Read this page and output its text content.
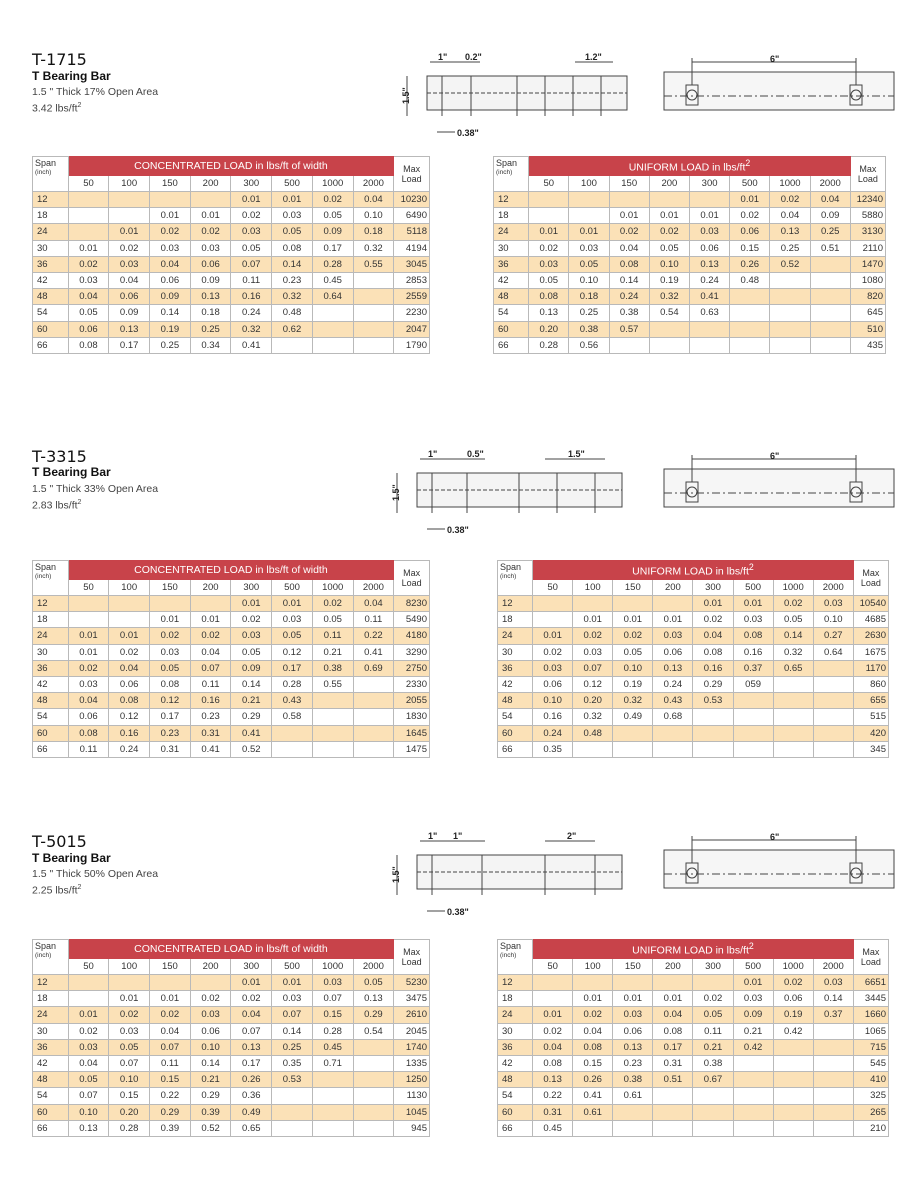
T-1715
T Bearing Bar
1.5 " Thick 17% Open Area
3.42 lbs/$ft^2$
1" 0.2"	1.2"
1.5"
0.38"
6"
Span
(inch)	CONCENTRATED LOAD in lbs/ft of width								Max
Load
	50	100	150	200	300	500	1000	2000	
12					0.01	0.01	0.02	0.04	10230
18			0.01	0.01	0.02	0.03	0.05	0.10	6490
24		0.01	0.02	0.02	0.03	0.05	0.09	0.18	5118
30	0.01	0.02	0.03	0.03	0.05	0.08	0.17	0.32	4194
36	0.02	0.03	0.04	0.06	0.07	0.14	0.28	0.55	3045
42	0.03	0.04	0.06	0.09	0.11	0.23	0.45		2853
48	0.04	0.06	0.09	0.13	0.16	0.32	0.64		2559
54	0.05	0.09	0.14	0.18	0.24	0.48			2230
60	0.06	0.13	0.19	0.25	0.32	0.62			2047
66	0.08	0.17	0.25	0.34	0.41				1790
Span
(inch)	UNIFORM LOAD in lbs/$ft^2$								Max
Load
	50	100	150	200	300	500	1000	2000	
12						0.01	0.02	0.04	12340
18			0.01	0.01	0.01	0.02	0.04	0.09	5880
24	0.01	0.01	0.02	0.02	0.03	0.06	0.13	0.25	3130
30	0.02	0.03	0.04	0.05	0.06	0.15	0.25	0.51	2110
36	0.03	0.05	0.08	0.10	0.13	0.26	0.52		1470
42	0.05	0.10	0.14	0.19	0.24	0.48			1080
48	0.08	0.18	0.24	0.32	0.41				820
54	0.13	0.25	0.38	0.54	0.63				645
60	0.20	0.38	0.57						510
66	0.28	0.56							435
T-3315
T Bearing Bar
1.5 " Thick 33% Open Area
2.83 lbs/$ft^2$
1"	0.5"	1.5"
1.5"
0.38"
6"
Span
(inch)	CONCENTRATED LOAD in lbs/ft of width								Max
Load
	50	100	150	200	300	500	1000	2000	
12					0.01	0.01	0.02	0.04	8230
18			0.01	0.01	0.02	0.03	0.05	0.11	5490
24	0.01	0.01	0.02	0.02	0.03	0.05	0.11	0.22	4180
30	0.01	0.02	0.03	0.04	0.05	0.12	0.21	0.41	3290
36	0.02	0.04	0.05	0.07	0.09	0.17	0.38	0.69	2750
42	0.03	0.06	0.08	0.11	0.14	0.28	0.55		2330
48	0.04	0.08	0.12	0.16	0.21	0.43			2055
54	0.06	0.12	0.17	0.23	0.29	0.58			1830
60	0.08	0.16	0.23	0.31	0.41				1645
66	0.11	0.24	0.31	0.41	0.52				1475
Span
(inch)	UNIFORM LOAD in lbs/$ft^2$								Max
Load
	50	100	150	200	300	500	1000	2000	
12					0.01	0.01	0.02	0.03	10540
18		0.01	0.01	0.01	0.02	0.03	0.05	0.10	4685
24	0.01	0.02	0.02	0.03	0.04	0.08	0.14	0.27	2630
30	0.02	0.03	0.05	0.06	0.08	0.16	0.32	0.64	1675
36	0.03	0.07	0.10	0.13	0.16	0.37	0.65		1170
42	0.06	0.12	0.19	0.24	0.29	059			860
48	0.10	0.20	0.32	0.43	0.53				655
54	0.16	0.32	0.49	0.68					515
60	0.24	0.48							420
66	0.35								345
T-5015
T Bearing Bar
1.5 " Thick 50% Open Area
2.25 lbs/$ft^2$
1" 1"	2"
1.5"
0.38"
6"
Span
(inch)	CONCENTRATED LOAD in lbs/ft of width								Max
Load
	50	100	150	200	300	500	1000	2000	
12					0.01	0.01	0.03	0.05	5230
18		0.01	0.01	0.02	0.02	0.03	0.07	0.13	3475
24	0.01	0.02	0.02	0.03	0.04	0.07	0.15	0.29	2610
30	0.02	0.03	0.04	0.06	0.07	0.14	0.28	0.54	2045
36	0.03	0.05	0.07	0.10	0.13	0.25	0.45		1740
42	0.04	0.07	0.11	0.14	0.17	0.35	0.71		1335
48	0.05	0.10	0.15	0.21	0.26	0.53			1250
54	0.07	0.15	0.22	0.29	0.36				1130
60	0.10	0.20	0.29	0.39	0.49				1045
66	0.13	0.28	0.39	0.52	0.65				945
Span
(inch)	UNIFORM LOAD in lbs/$ft^2$								Max
Load
	50	100	150	200	300	500	1000	2000	
12						0.01	0.02	0.03	6651
18		0.01	0.01	0.01	0.02	0.03	0.06	0.14	3445
24	0.01	0.02	0.03	0.04	0.05	0.09	0.19	0.37	1660
30	0.02	0.04	0.06	0.08	0.11	0.21	0.42		1065
36	0.04	0.08	0.13	0.17	0.21	0.42			715
42	0.08	0.15	0.23	0.31	0.38				545
48	0.13	0.26	0.38	0.51	0.67				410
54	0.22	0.41	0.61						325
60	0.31	0.61							265
66	0.45								210
